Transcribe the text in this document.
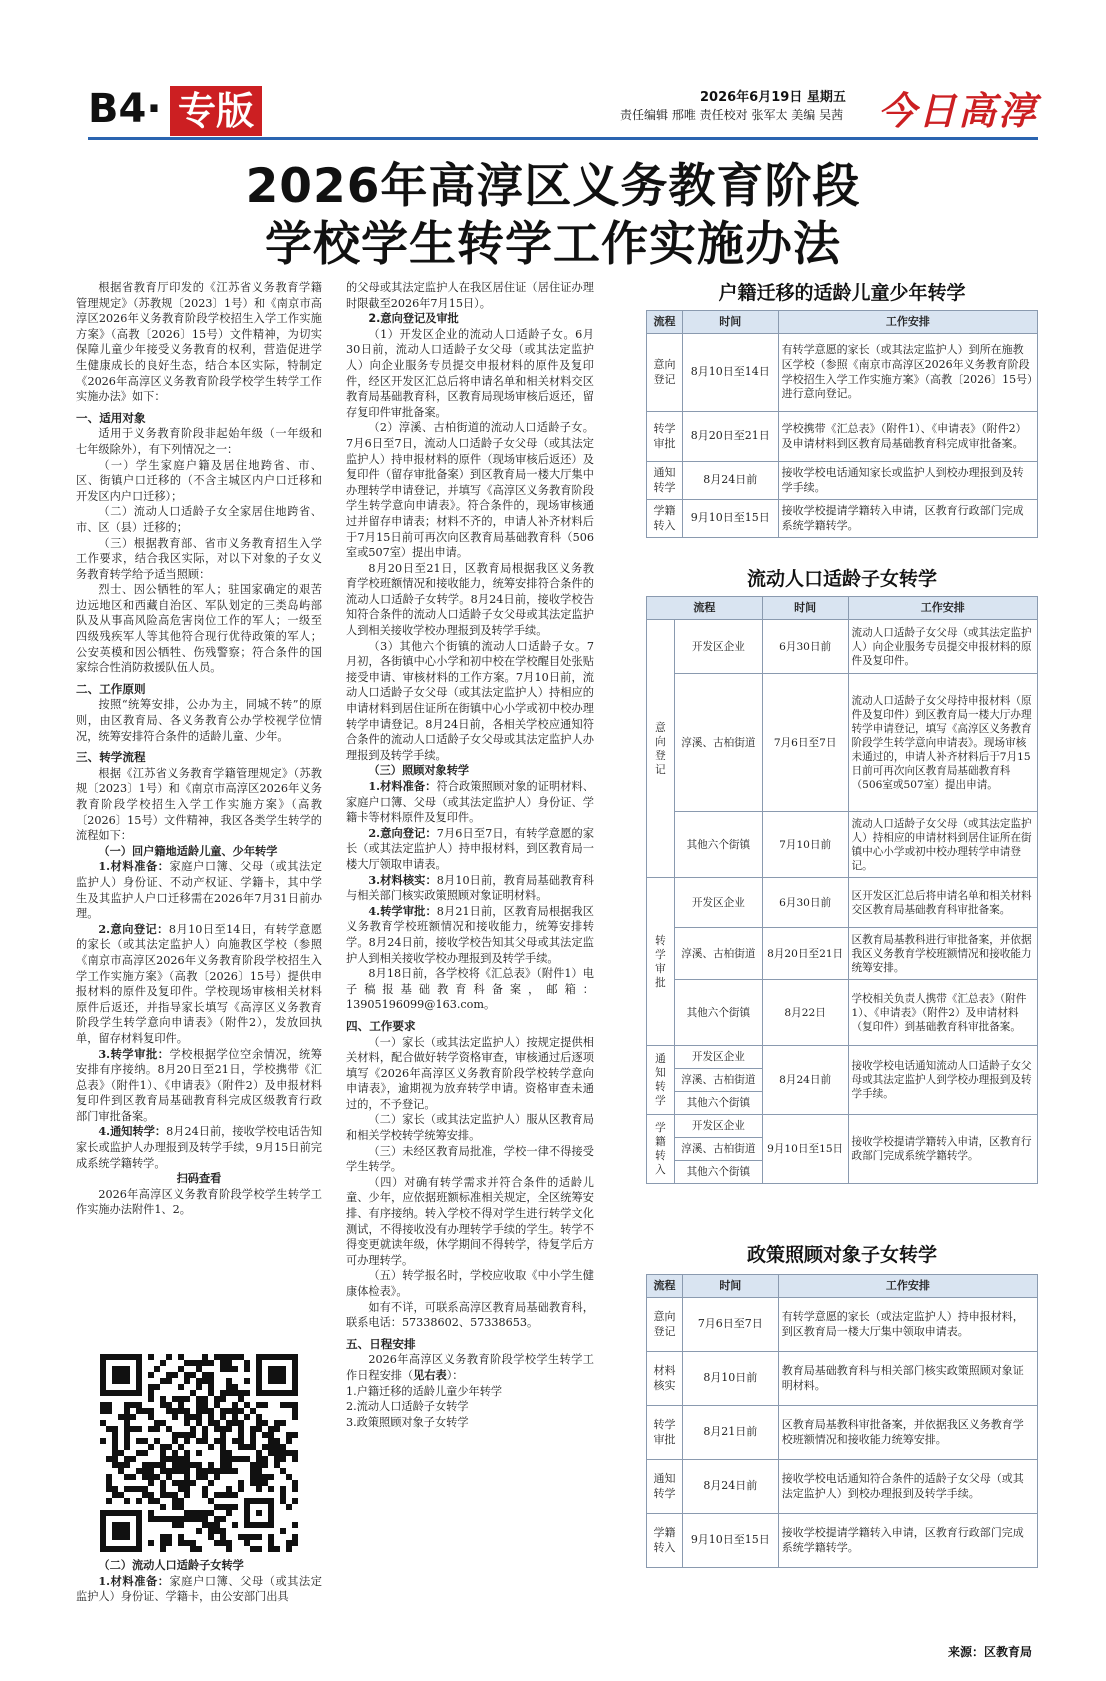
B4· 专版	2026年6月19日 星期五
责任编辑 邢唯 责任校对 张军太 美编 吴茜 今日高淳
2026年高淳区义务教育阶段
学校学生转学工作实施办法

根据省教育厅印发的《江苏省义务教育学籍管理规定》（苏教规〔2023〕1号）和《南京市高淳区2026年义务教育阶段学校招生入学工作实施方案》（高教〔2026〕15号）文件精神，为切实保障儿童少年接受义务教育的权利，营造促进学生健康成长的良好生态，结合本区实际，特制定《2026年高淳区义务教育阶段学校学生转学工作实施办法》如下：

一、适用对象

适用于义务教育阶段非起始年级（一年级和七年级除外），有下列情况之一：

（一）学生家庭户籍及居住地跨省、市、区、街镇户口迁移的（不含主城区内户口迁移和开发区内户口迁移）；

（二）流动人口适龄子女全家居住地跨省、市、区（县）迁移的；

（三）根据教育部、省市义务教育招生入学工作要求，结合我区实际，对以下对象的子女义务教育转学给予适当照顾：

烈士、因公牺牲的军人；驻国家确定的艰苦边远地区和西藏自治区、军队划定的三类岛屿部队及从事高风险高危害岗位工作的军人；一级至四级残疾军人等其他符合现行优待政策的军人；公安英模和因公牺牲、伤残警察；符合条件的国家综合性消防救援队伍人员。

二、工作原则

按照“统筹安排，公办为主，同城不转”的原则，由区教育局、各义务教育公办学校视学位情况，统筹安排符合条件的适龄儿童、少年。

三、转学流程

根据《江苏省义务教育学籍管理规定》（苏教规〔2023〕1号）和《南京市高淳区2026年义务教育阶段学校招生入学工作实施方案》（高教〔2026〕15号）文件精神，我区各类学生转学的流程如下：

（一）回户籍地适龄儿童、少年转学

1.材料准备：家庭户口簿、父母（或其法定监护人）身份证、不动产权证、学籍卡，其中学生及其监护人户口迁移需在2026年7月31日前办理。

2.意向登记：8月10日至14日，有转学意愿的家长（或其法定监护人）向施教区学校（参照《南京市高淳区2026年义务教育阶段学校招生入学工作实施方案》（高教〔2026〕15号）提供申报材料的原件及复印件。学校现场审核相关材料原件后返还，并指导家长填写《高淳区义务教育阶段学生转学意向申请表》（附件2），发放回执单，留存材料复印件。

3.转学审批：学校根据学位空余情况，统筹安排有序接纳。8月20日至21日，学校携带《汇总表》（附件1）、《申请表》（附件2）及申报材料复印件到区教育局基础教育科完成区级教育行政部门审批备案。

4.通知转学：8月24日前，接收学校电话告知家长或监护人办理报到及转学手续，9月15日前完成系统学籍转学。

扫码查看

2026年高淳区义务教育阶段学校学生转学工作实施办法附件1、2。

（二）流动人口适龄子女转学

1.材料准备：家庭户口簿、父母（或其法定监护人）身份证、学籍卡，由公安部门出具

的父母或其法定监护人在我区居住证（居住证办理时限截至2026年7月15日）。

2.意向登记及审批

（1）开发区企业的流动人口适龄子女。6月30日前，流动人口适龄子女父母（或其法定监护人）向企业服务专员提交申报材料的原件及复印件，经区开发区汇总后将申请名单和相关材料交区教育局基础教育科，区教育局现场审核后返还，留存复印件审批备案。

（2）淳溪、古柏街道的流动人口适龄子女。7月6日至7日，流动人口适龄子女父母（或其法定监护人）持申报材料的原件（现场审核后返还）及复印件（留存审批备案）到区教育局一楼大厅集中办理转学申请登记，并填写《高淳区义务教育阶段学生转学意向申请表》。符合条件的，现场审核通过并留存申请表；材料不齐的，申请人补齐材料后于7月15日前可再次向区教育局基础教育科（506室或507室）提出申请。

8月20日至21日，区教育局根据我区义务教育学校班额情况和接收能力，统筹安排符合条件的流动人口适龄子女转学。8月24日前，接收学校告知符合条件的流动人口适龄子女父母或其法定监护人到相关接收学校办理报到及转学手续。

（3）其他六个街镇的流动人口适龄子女。7月初，各街镇中心小学和初中校在学校醒目处张贴接受申请、审核材料的工作方案。7月10日前，流动人口适龄子女父母（或其法定监护人）持相应的申请材料到居住证所在街镇中心小学或初中校办理转学申请登记。8月24日前，各相关学校应通知符合条件的流动人口适龄子女父母或其法定监护人办理报到及转学手续。

（三）照顾对象转学

1.材料准备：符合政策照顾对象的证明材料、家庭户口簿、父母（或其法定监护人）身份证、学籍卡等材料原件及复印件。

2.意向登记：7月6日至7日，有转学意愿的家长（或其法定监护人）持申报材料，到区教育局一楼大厅领取申请表。

3.材料核实：8月10日前，教育局基础教育科与相关部门核实政策照顾对象证明材料。

4.转学审批：8月21日前，区教育局根据我区义务教育学校班额情况和接收能力，统筹安排转学。8月24日前，接收学校告知其父母或其法定监护人到相关接收学校办理报到及转学手续。

8月18日前，各学校将《汇总表》（附件1）电子稿报基础教育科备案，邮箱：13905196099@163.com。

四、工作要求

（一）家长（或其法定监护人）按规定提供相关材料，配合做好转学资格审查，审核通过后逐项填写《2026年高淳区义务教育阶段学校转学意向申请表》，逾期视为放弃转学申请。资格审查未通过的，不予登记。

（二）家长（或其法定监护人）服从区教育局和相关学校转学统筹安排。

（三）未经区教育局批准，学校一律不得接受学生转学。

（四）对确有转学需求并符合条件的适龄儿童、少年，应依据班额标准相关规定，全区统筹安排、有序接纳。转入学校不得对学生进行转学文化测试，不得接收没有办理转学手续的学生。转学不得变更就读年级，休学期间不得转学，待复学后方可办理转学。

（五）转学报名时，学校应收取《中小学生健康体检表》。

如有不详，可联系高淳区教育局基础教育科，联系电话：57338602、57338653。

五、日程安排

2026年高淳区义务教育阶段学校学生转学工作日程安排（见右表）：

1.户籍迁移的适龄儿童少年转学

2.流动人口适龄子女转学

3.政策照顾对象子女转学

户籍迁移的适龄儿童少年转学
流程	时间	工作安排
意向登记	8月10日至14日	有转学意愿的家长（或其法定监护人）到所在施教区学校（参照《南京市高淳区2026年义务教育阶段学校招生入学工作实施方案》（高教〔2026〕15号）进行意向登记。
转学审批	8月20日至21日	学校携带《汇总表》（附件1）、《申请表》（附件2）及申请材料到区教育局基础教育科完成审批备案。
通知转学	8月24日前	接收学校电话通知家长或监护人到校办理报到及转学手续。
学籍转入	9月10日至15日	接收学校提请学籍转入申请，区教育行政部门完成系统学籍转学。
流动人口适龄子女转学
流程		时间	工作安排
意向登记	开发区企业	6月30日前	流动人口适龄子女父母（或其法定监护人）向企业服务专员提交申报材料的原件及复印件。
	淳溪、古柏街道	7月6日至7日	流动人口适龄子女父母持申报材料（原件及复印件）到区教育局一楼大厅办理转学申请登记，填写《高淳区义务教育阶段学生转学意向申请表》。现场审核未通过的，申请人补齐材料后于7月15日前可再次向区教育局基础教育科（506室或507室）提出申请。
	其他六个街镇	7月10日前	流动人口适龄子女父母（或其法定监护人）持相应的申请材料到居住证所在街镇中心小学或初中校办理转学申请登记。
转学审批	开发区企业	6月30日前	区开发区汇总后将申请名单和相关材料交区教育局基础教育科审批备案。
	淳溪、古柏街道	8月20日至21日	区教育局基教科进行审批备案，并依据我区义务教育学校班额情况和接收能力统筹安排。
	其他六个街镇	8月22日	学校相关负责人携带《汇总表》（附件1）、《申请表》（附件2）及申请材料（复印件）到基础教育科审批备案。
通知转学	开发区企业	8月24日前	接收学校电话通知流动人口适龄子女父母或其法定监护人到学校办理报到及转学手续。
	淳溪、古柏街道		
	其他六个街镇		
学籍转入	开发区企业	9月10日至15日	接收学校提请学籍转入申请，区教育行政部门完成系统学籍转学。
	淳溪、古柏街道		
	其他六个街镇		
政策照顾对象子女转学
流程	时间	工作安排
意向登记	7月6日至7日	有转学意愿的家长（或法定监护人）持申报材料，到区教育局一楼大厅集中领取申请表。
材料核实	8月10日前	教育局基础教育科与相关部门核实政策照顾对象证明材料。
转学审批	8月21日前	区教育局基教科审批备案，并依据我区义务教育学校班额情况和接收能力统筹安排。
通知转学	8月24日前	接收学校电话通知符合条件的适龄子女父母（或其法定监护人）到校办理报到及转学手续。
学籍转入	9月10日至15日	接收学校提请学籍转入申请，区教育行政部门完成系统学籍转学。
来源：区教育局
